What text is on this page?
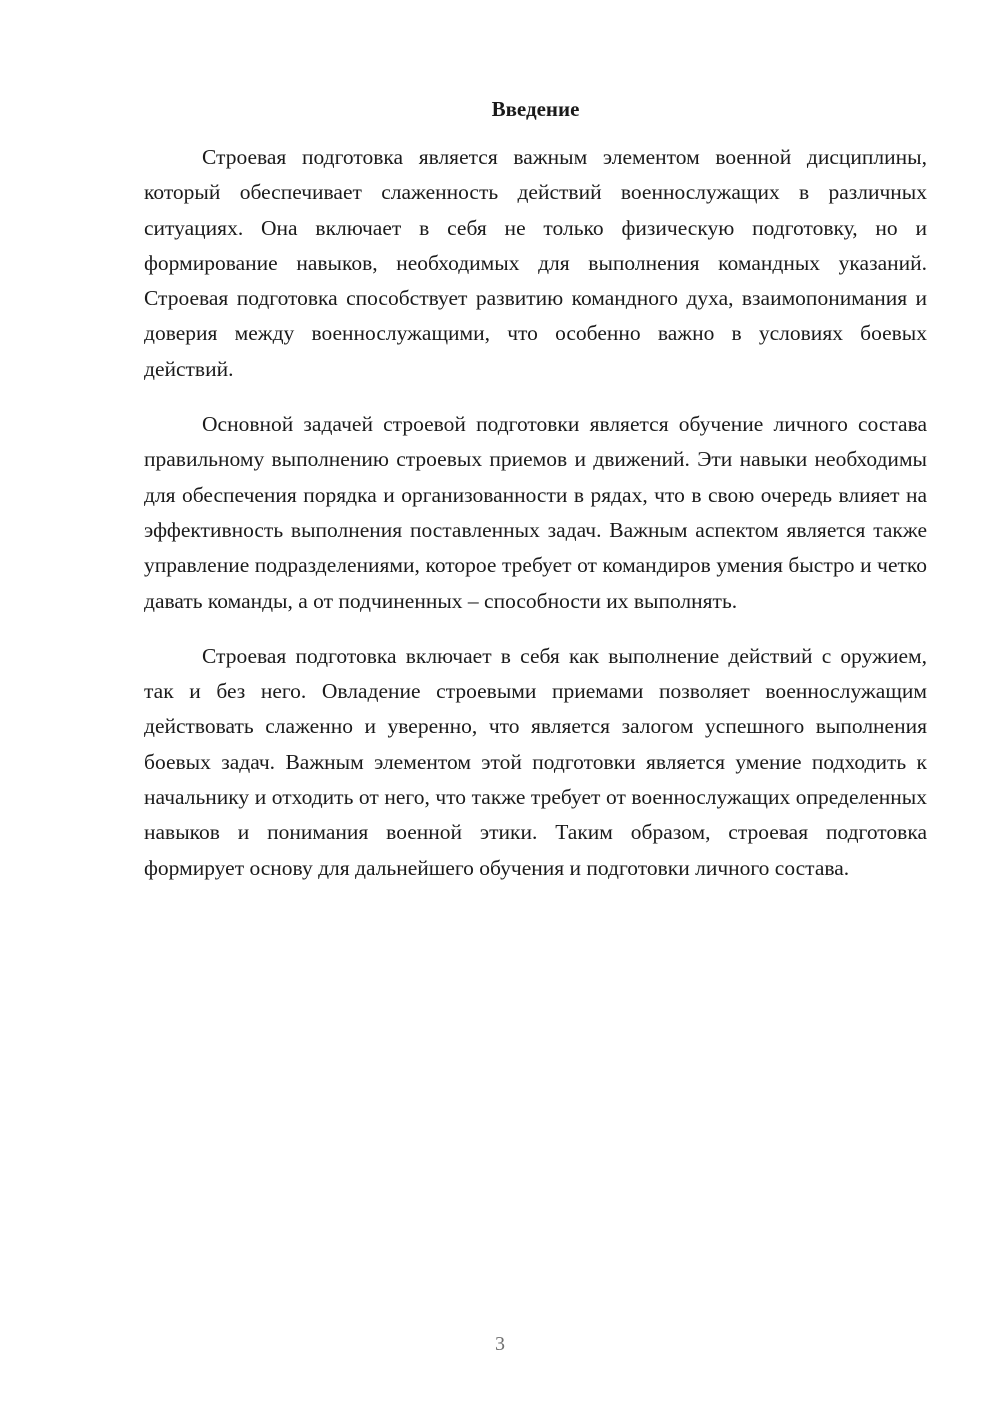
Введение

Строевая подготовка является важным элементом военной дисциплины, который обеспечивает слаженность действий военнослужащих в различных ситуациях. Она включает в себя не только физическую подготовку, но и формирование навыков, необходимых для выполнения командных указаний. Строевая подготовка способствует развитию командного духа, взаимопонимания и доверия между военнослужащими, что особенно важно в условиях боевых действий.

Основной задачей строевой подготовки является обучение личного состава правильному выполнению строевых приемов и движений. Эти навыки необходимы для обеспечения порядка и организованности в рядах, что в свою очередь влияет на эффективность выполнения поставленных задач. Важным аспектом является также управление подразделениями, которое требует от командиров умения быстро и четко давать команды, а от подчиненных – способности их выполнять.

Строевая подготовка включает в себя как выполнение действий с оружием, так и без него. Овладение строевыми приемами позволяет военнослужащим действовать слаженно и уверенно, что является залогом успешного выполнения боевых задач. Важным элементом этой подготовки является умение подходить к начальнику и отходить от него, что также требует от военнослужащих определенных навыков и понимания военной этики. Таким образом, строевая подготовка формирует основу для дальнейшего обучения и подготовки личного состава.

3
